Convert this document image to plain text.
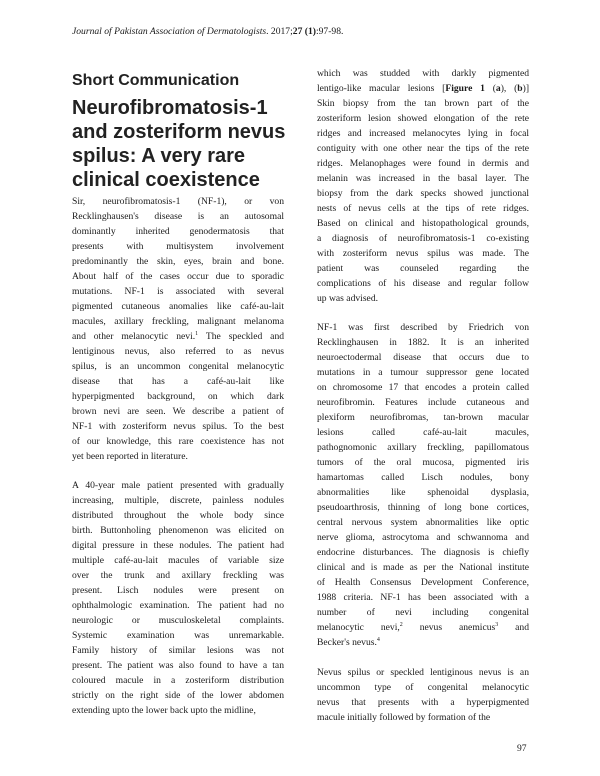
Journal of Pakistan Association of Dermatologists. 2017;27 (1):97-98.
Short Communication
Neurofibromatosis-1
and zosteriform nevus
spilus: A very rare
clinical coexistence
Sir, neurofibromatosis-1 (NF-1), or von
Recklinghausen's disease is an autosomal
dominantly inherited genodermatosis that
presents with multisystem involvement
predominantly the skin, eyes, brain and bone.
About half of the cases occur due to sporadic
mutations. NF-1 is associated with several
pigmented cutaneous anomalies like café-au-lait
macules, axillary freckling, malignant melanoma
and other melanocytic nevi.$^1$ The speckled and
lentiginous nevus, also referred to as nevus
spilus, is an uncommon congenital melanocytic
disease that has a café-au-lait like
hyperpigmented background, on which dark
brown nevi are seen. We describe a patient of
NF-1 with zosteriform nevus spilus. To the best
of our knowledge, this rare coexistence has not
yet been reported in literature.
A 40-year male patient presented with gradually
increasing, multiple, discrete, painless nodules
distributed throughout the whole body since
birth. Buttonholing phenomenon was elicited on
digital pressure in these nodules. The patient had
multiple café-au-lait macules of variable size
over the trunk and axillary freckling was
present. Lisch nodules were present on
ophthalmologic examination. The patient had no
neurologic or musculoskeletal complaints.
Systemic examination was unremarkable.
Family history of similar lesions was not
present. The patient was also found to have a tan
coloured macule in a zosteriform distribution
strictly on the right side of the lower abdomen
extending upto the lower back upto the midline,
which was studded with darkly pigmented
lentigo-like macular lesions [Figure 1 (a), (b)]
Skin biopsy from the tan brown part of the
zosteriform lesion showed elongation of the rete
ridges and increased melanocytes lying in focal
contiguity with one other near the tips of the rete
ridges. Melanophages were found in dermis and
melanin was increased in the basal layer. The
biopsy from the dark specks showed junctional
nests of nevus cells at the tips of rete ridges.
Based on clinical and histopathological grounds,
a diagnosis of neurofibromatosis-1 co-existing
with zosteriform nevus spilus was made. The
patient was counseled regarding the
complications of his disease and regular follow
up was advised.
NF-1 was first described by Friedrich von
Recklinghausen in 1882. It is an inherited
neuroectodermal disease that occurs due to
mutations in a tumour suppressor gene located
on chromosome 17 that encodes a protein called
neurofibromin. Features include cutaneous and
plexiform neurofibromas, tan-brown macular
lesions called café-au-lait macules,
pathognomonic axillary freckling, papillomatous
tumors of the oral mucosa, pigmented iris
hamartomas called Lisch nodules, bony
abnormalities like sphenoidal dysplasia,
pseudoarthrosis, thinning of long bone cortices,
central nervous system abnormalities like optic
nerve glioma, astrocytoma and schwannoma and
endocrine disturbances. The diagnosis is chiefly
clinical and is made as per the National institute
of Health Consensus Development Conference,
1988 criteria. NF-1 has been associated with a
number of nevi including congenital
melanocytic nevi,$^2$ nevus anemicus$^3$ and
Becker's nevus.$^4$
Nevus spilus or speckled lentiginous nevus is an
uncommon type of congenital melanocytic
nevus that presents with a hyperpigmented
macule initially followed by formation of the
97
